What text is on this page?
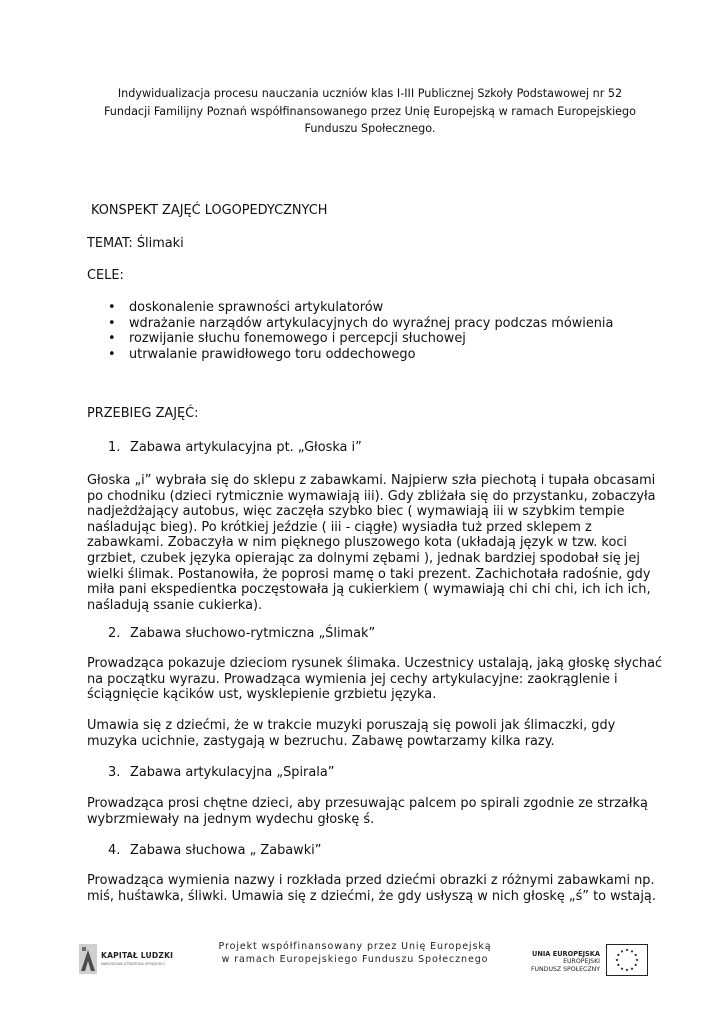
Indywidualizacja procesu nauczania uczniów klas I-III Publicznej Szkoły Podstawowej nr 52
Fundacji Familijny Poznań współfinansowanego przez Unię Europejską w ramach Europejskiego
Funduszu Społecznego.
KONSPEKT ZAJĘĆ LOGOPEDYCZNYCH
TEMAT: Ślimaki
CELE:
• doskonalenie sprawności artykulatorów
• wdrażanie narządów artykulacyjnych do wyraźnej pracy podczas mówienia
• rozwijanie słuchu fonemowego i percepcji słuchowej
• utrwalanie prawidłowego toru oddechowego
PRZEBIEG ZAJĘĆ:
1. Zabawa artykulacyjna pt. „Głoska i”
Głoska „i” wybrała się do sklepu z zabawkami. Najpierw szła piechotą i tupała obcasami
po chodniku (dzieci rytmicznie wymawiają iii). Gdy zbliżała się do przystanku, zobaczyła
nadjeżdżający autobus, więc zaczęła szybko biec ( wymawiają iii w szybkim tempie
naśladując bieg). Po krótkiej jeździe ( iii - ciągłe) wysiadła tuż przed sklepem z
zabawkami. Zobaczyła w nim pięknego pluszowego kota (układają język w tzw. koci
grzbiet, czubek języka opierając za dolnymi zębami ), jednak bardziej spodobał się jej
wielki ślimak. Postanowiła, że poprosi mamę o taki prezent. Zachichotała radośnie, gdy
miła pani ekspedientka poczęstowała ją cukierkiem ( wymawiają chi chi chi, ich ich ich,
naśladują ssanie cukierka).
2. Zabawa słuchowo-rytmiczna „Ślimak”
Prowadząca pokazuje dzieciom rysunek ślimaka. Uczestnicy ustalają, jaką głoskę słychać
na początku wyrazu. Prowadząca wymienia jej cechy artykulacyjne: zaokrąglenie i
ściągnięcie kącików ust, wysklepienie grzbietu języka.
Umawia się z dziećmi, że w trakcie muzyki poruszają się powoli jak ślimaczki, gdy
muzyka ucichnie, zastygają w bezruchu. Zabawę powtarzamy kilka razy.
3. Zabawa artykulacyjna „Spirala”
Prowadząca prosi chętne dzieci, aby przesuwając palcem po spirali zgodnie ze strzałką
wybrzmiewały na jednym wydechu głoskę ś.
4. Zabawa słuchowa „ Zabawki”
Prowadząca wymienia nazwy i rozkłada przed dziećmi obrazki z różnymi zabawkami np.
miś, huśtawka, śliwki. Umawia się z dziećmi, że gdy usłyszą w nich głoskę „ś” to wstają.
KAPITAŁ LUDZKI
NARODOWA STRATEGIA SPÓJNOŚCI
Projekt współfinansowany przez Unię Europejską
w ramach Europejskiego Funduszu Społecznego	UNIA EUROPEJSKA
EUROPEJSKI
FUNDUSZ SPOŁECZNY
